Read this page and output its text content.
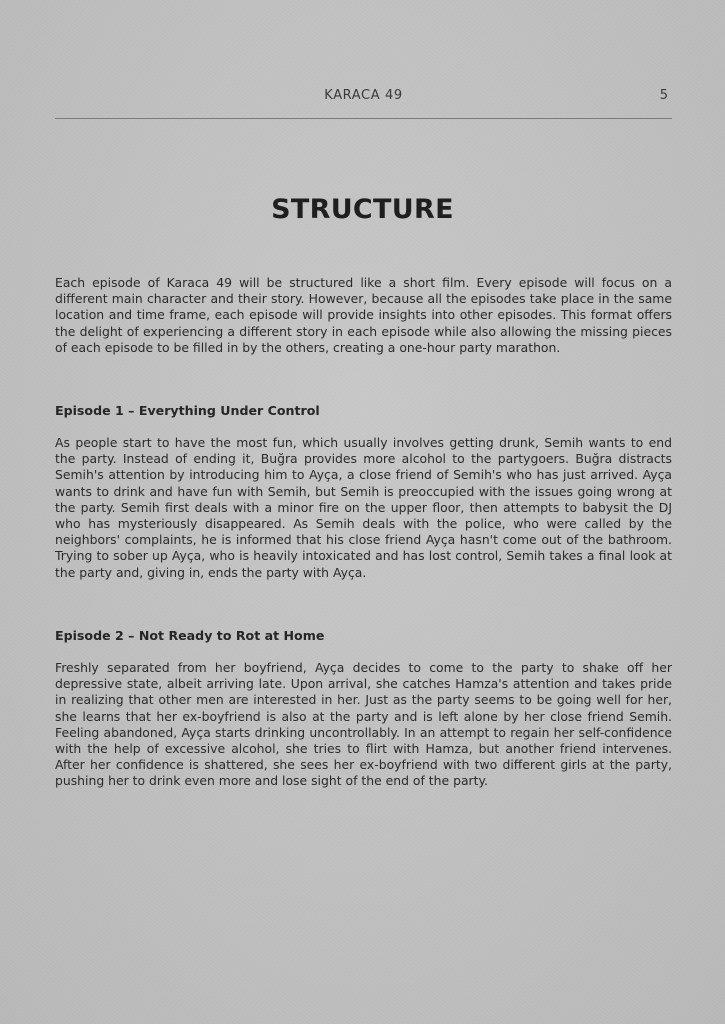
KARACA 49	5
STRUCTURE

Each episode of Karaca 49 will be structured like a short film. Every episode will focus on a different main character and their story. However, because all the episodes take place in the same location and time frame, each episode will provide insights into other episodes. This format offers the delight of experiencing a different story in each episode while also allowing the missing pieces of each episode to be filled in by the others, creating a one-hour party marathon.

Episode 1 – Everything Under Control

As people start to have the most fun, which usually involves getting drunk, Semih wants to end the party. Instead of ending it, Buğra provides more alcohol to the partygoers. Buğra distracts Semih's attention by introducing him to Ayça, a close friend of Semih's who has just arrived. Ayça wants to drink and have fun with Semih, but Semih is preoccupied with the issues going wrong at the party. Semih first deals with a minor fire on the upper floor, then attempts to babysit the DJ who has mysteriously disappeared. As Semih deals with the police, who were called by the neighbors' complaints, he is informed that his close friend Ayça hasn't come out of the bathroom. Trying to sober up Ayça, who is heavily intoxicated and has lost control, Semih takes a final look at the party and, giving in, ends the party with Ayça.

Episode 2 – Not Ready to Rot at Home

Freshly separated from her boyfriend, Ayça decides to come to the party to shake off her depressive state, albeit arriving late. Upon arrival, she catches Hamza's attention and takes pride in realizing that other men are interested in her. Just as the party seems to be going well for her, she learns that her ex-boyfriend is also at the party and is left alone by her close friend Semih. Feeling abandoned, Ayça starts drinking uncontrollably. In an attempt to regain her self-confidence with the help of excessive alcohol, she tries to flirt with Hamza, but another friend intervenes. After her confidence is shattered, she sees her ex-boyfriend with two different girls at the party, pushing her to drink even more and lose sight of the end of the party.
